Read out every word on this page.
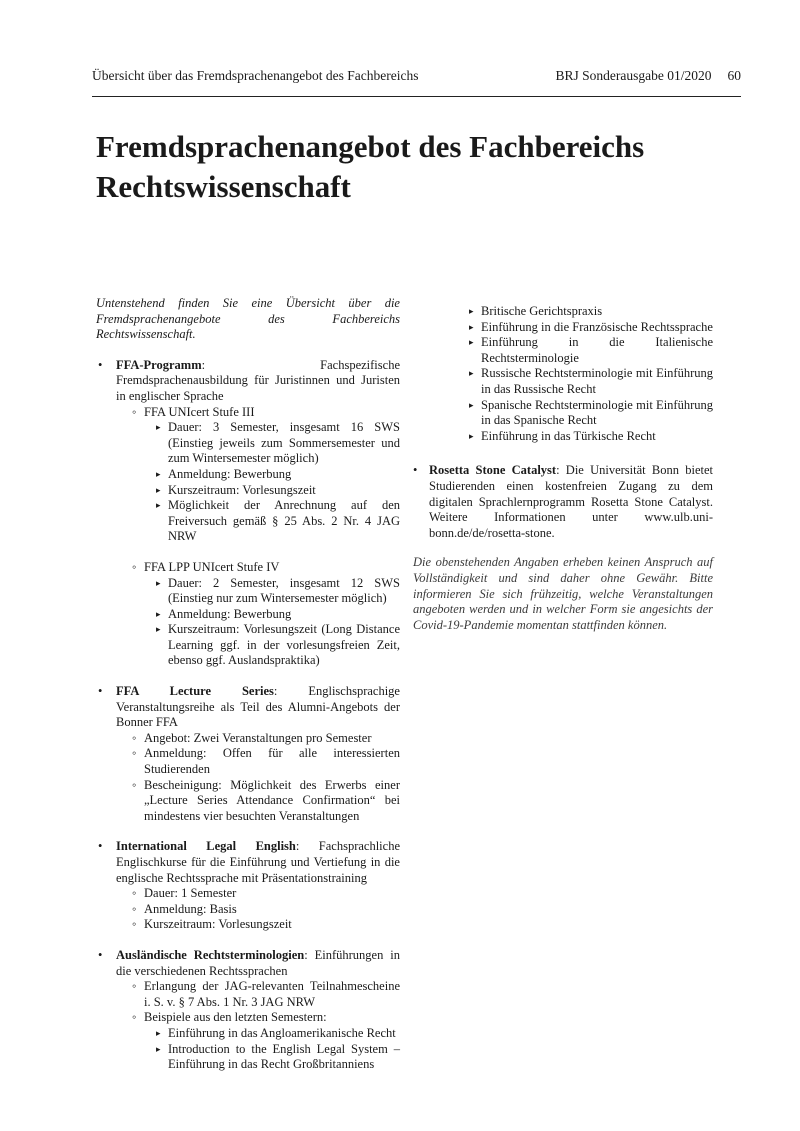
Übersicht über das Fremdsprachenangebot des Fachbereichs	BRJ Sonderausgabe 01/2020 60
Fremdsprachenangebot des Fachbereichs
Rechtswissenschaft

Untenstehend finden Sie eine Übersicht über die Fremdsprachenangebote des Fachbereichs Rechtswissenschaft.

• FFA-Programm: Fachspezifische Fremdsprachenausbildung für Juristinnen und Juristen in englischer Sprache
◦ FFA UNIcert Stufe III
▸ Dauer: 3 Semester, insgesamt 16 SWS (Einstieg jeweils zum Sommersemester und zum Wintersemester möglich)
▸ Anmeldung: Bewerbung
▸ Kurszeitraum: Vorlesungszeit
▸ Möglichkeit der Anrechnung auf den Freiversuch gemäß § 25 Abs. 2 Nr. 4 JAG NRW
◦ FFA LPP UNIcert Stufe IV
▸ Dauer: 2 Semester, insgesamt 12 SWS (Einstieg nur zum Wintersemester möglich)
▸ Anmeldung: Bewerbung
▸ Kurszeitraum: Vorlesungszeit (Long Distance Learning ggf. in der vorlesungsfreien Zeit, ebenso ggf. Auslandspraktika)
• FFA Lecture Series: Englischsprachige Veranstaltungsreihe als Teil des Alumni-Angebots der Bonner FFA
◦ Angebot: Zwei Veranstaltungen pro Semester
◦ Anmeldung: Offen für alle interessierten Studierenden
◦ Bescheinigung: Möglichkeit des Erwerbs einer „Lecture Series Attendance Confirmation“ bei mindestens vier besuchten Veranstaltungen
• International Legal English: Fachsprachliche Englischkurse für die Einführung und Vertiefung in die englische Rechtssprache mit Präsentationstraining
◦ Dauer: 1 Semester
◦ Anmeldung: Basis
◦ Kurszeitraum: Vorlesungszeit
• Ausländische Rechtsterminologien: Einführungen in die verschiedenen Rechtssprachen
◦ Erlangung der JAG-relevanten Teilnahmescheine i. S. v. § 7 Abs. 1 Nr. 3 JAG NRW
◦ Beispiele aus den letzten Semestern:
▸ Einführung in das Angloamerikanische Recht
▸ Introduction to the English Legal System – Einführung in das Recht Großbritanniens
▸ Britische Gerichtspraxis
▸ Einführung in die Französische Rechtssprache
▸ Einführung in die Italienische Rechtsterminologie
▸ Russische Rechtsterminologie mit Einführung in das Russische Recht
▸ Spanische Rechtsterminologie mit Einführung in das Spanische Recht
▸ Einführung in das Türkische Recht
• Rosetta Stone Catalyst: Die Universität Bonn bietet Studierenden einen kostenfreien Zugang zu dem digitalen Sprachlernprogramm Rosetta Stone Catalyst. Weitere Informationen unter www.ulb.uni-bonn.de/de/rosetta-stone.

Die obenstehenden Angaben erheben keinen Anspruch auf Vollständigkeit und sind daher ohne Gewähr. Bitte informieren Sie sich frühzeitig, welche Veranstaltungen angeboten werden und in welcher Form sie angesichts der Covid-19-Pandemie momentan stattfinden können.
